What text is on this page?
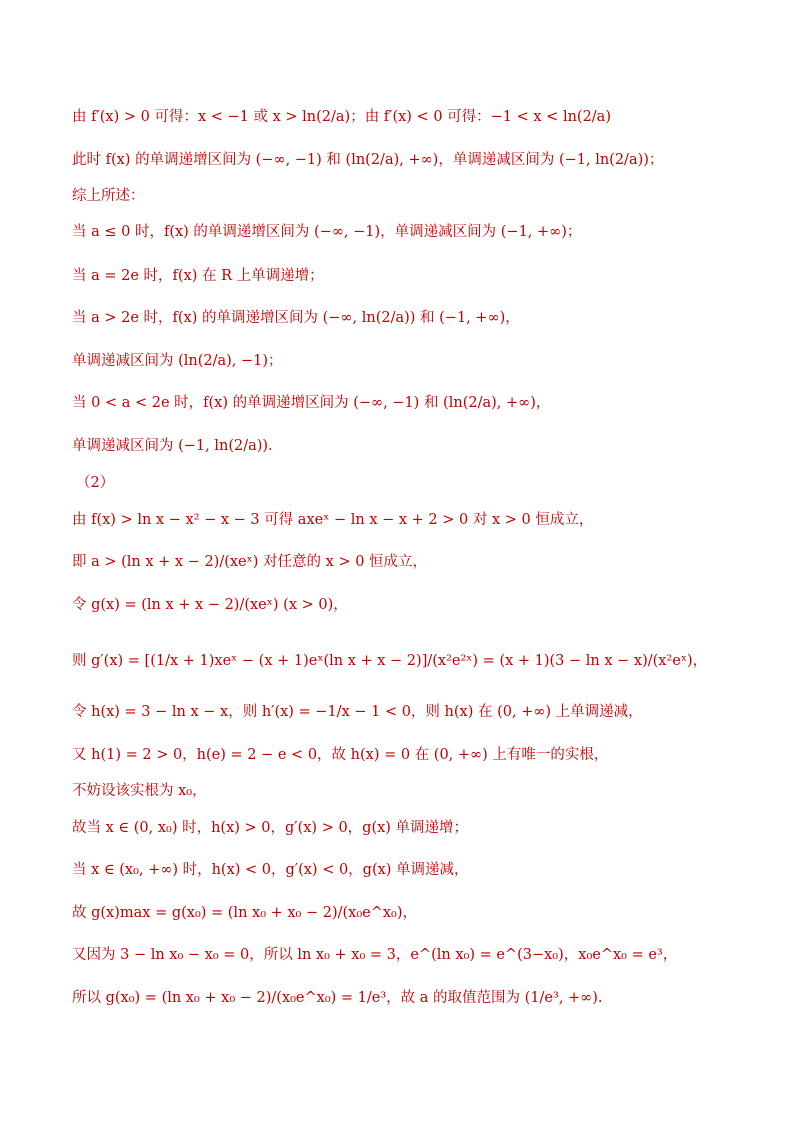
由 f′(x) > 0 可得：x < −1 或 x > ln(2/a)；由 f′(x) < 0 可得：−1 < x < ln(2/a)
此时 f(x) 的单调递增区间为 (−∞, −1) 和 (ln(2/a), +∞)，单调递减区间为 (−1, ln(2/a))；
综上所述：
当 a ≤ 0 时，f(x) 的单调递增区间为 (−∞, −1)，单调递减区间为 (−1, +∞)；
当 a = 2e 时，f(x) 在 R 上单调递增；
当 a > 2e 时，f(x) 的单调递增区间为 (−∞, ln(2/a)) 和 (−1, +∞)，
单调递减区间为 (ln(2/a), −1)；
当 0 < a < 2e 时，f(x) 的单调递增区间为 (−∞, −1) 和 (ln(2/a), +∞)，
单调递减区间为 (−1, ln(2/a)).
（2）
由 f(x) > ln x − x² − x − 3 可得 axeˣ − ln x − x + 2 > 0 对 x > 0 恒成立，
即 a > (ln x + x − 2)/(xeˣ) 对任意的 x > 0 恒成立，
令 g(x) = (ln x + x − 2)/(xeˣ) (x > 0)，
则 g′(x) = [(1/x + 1)xeˣ − (x + 1)eˣ(ln x + x − 2)]/(x²e²ˣ) = (x + 1)(3 − ln x − x)/(x²eˣ)，
令 h(x) = 3 − ln x − x，则 h′(x) = −1/x − 1 < 0，则 h(x) 在 (0, +∞) 上单调递减，
又 h(1) = 2 > 0，h(e) = 2 − e < 0，故 h(x) = 0 在 (0, +∞) 上有唯一的实根，
不妨设该实根为 x₀，
故当 x ∈ (0, x₀) 时，h(x) > 0，g′(x) > 0，g(x) 单调递增；
当 x ∈ (x₀, +∞) 时，h(x) < 0，g′(x) < 0，g(x) 单调递减，
故 g(x)max = g(x₀) = (ln x₀ + x₀ − 2)/(x₀e^x₀)，
又因为 3 − ln x₀ − x₀ = 0，所以 ln x₀ + x₀ = 3，e^(ln x₀) = e^(3−x₀)，x₀e^x₀ = e³，
所以 g(x₀) = (ln x₀ + x₀ − 2)/(x₀e^x₀) = 1/e³，故 a 的取值范围为 (1/e³, +∞).
